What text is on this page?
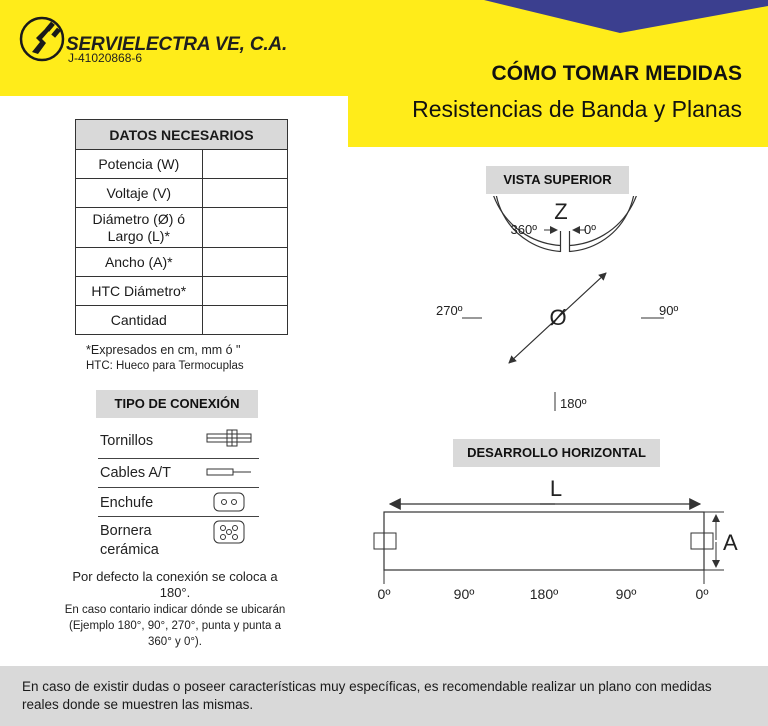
SERVIELECTRA VE, C.A.
J-41020868-6
CÓMO TOMAR MEDIDAS
Resistencias de Banda y Planas
DATOS NECESARIOS	
Potencia (W)	
Voltaje (V)	
Diámetro (Ø) ó Largo (L)*	
Ancho (A)*	
HTC Diámetro*	
Cantidad	
*Expresados en cm, mm ó "
HTC: Hueco para Termocuplas
TIPO DE CONEXIÓN
Tornillos
Cables A/T
Enchufe
Bornera cerámica
Por defecto la conexión se coloca a 180°.
En caso contario indicar dónde se ubicarán (Ejemplo 180°, 90°, 270°, punta y punta a 360° y 0°).
VISTA SUPERIOR
Z
360º	0º
270º	90º
180º
Ø
DESARROLLO HORIZONTAL
L
A
0º	90º	180º	90º	0º
En caso de existir dudas o poseer características muy específicas, es recomendable realizar un plano con medidas reales donde se muestren las mismas.
